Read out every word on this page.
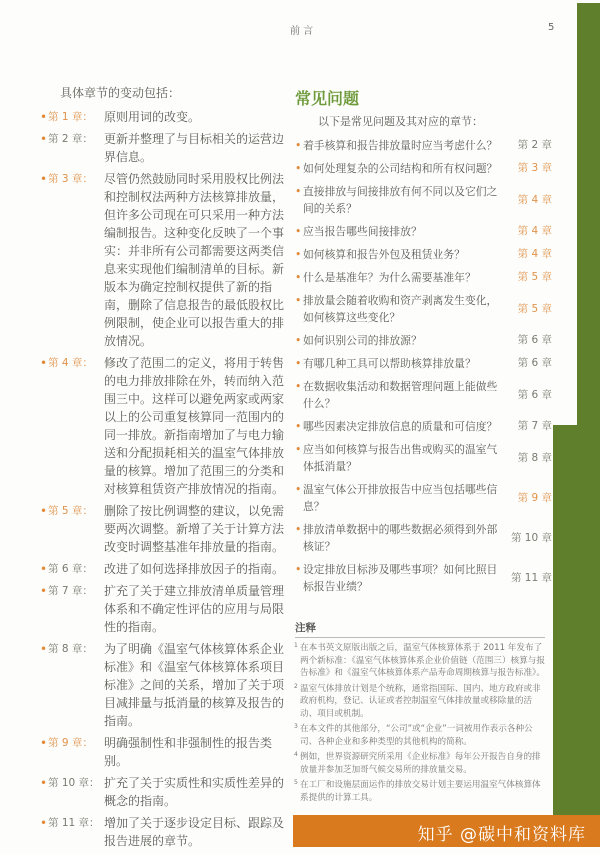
知乎 @碳中和资料库
前 言	5
具体章节的变动包括：
• 第 1 章： 原则用词的改变。
• 第 2 章： 更新并整理了与目标相关的运营边界信息。
• 第 3 章： 尽管仍然鼓励同时采用股权比例法和控制权法两种方法核算排放量，但许多公司现在可只采用一种方法编制报告。这种变化反映了一个事实：并非所有公司都需要这两类信息来实现他们编制清单的目标。新版本为确定控制权提供了新的指南，删除了信息报告的最低股权比例限制，使企业可以报告重大的排放情况。
• 第 4 章： 修改了范围二的定义，将用于转售的电力排放排除在外，转而纳入范围三中。这样可以避免两家或两家以上的公司重复核算同一范围内的同一排放。新指南增加了与电力输送和分配损耗相关的温室气体排放量的核算。增加了范围三的分类和对核算租赁资产排放情况的指南。
• 第 5 章： 删除了按比例调整的建议，以免需要两次调整。新增了关于计算方法改变时调整基准年排放量的指南。
• 第 6 章： 改进了如何选择排放因子的指南。
• 第 7 章： 扩充了关于建立排放清单质量管理体系和不确定性评估的应用与局限性的指南。
• 第 8 章： 为了明确《温室气体核算体系企业标准》和《温室气体核算体系项目标准》之间的关系，增加了关于项目减排量与抵消量的核算及报告的指南。
• 第 9 章： 明确强制性和非强制性的报告类别。
• 第 10 章： 扩充了关于实质性和实质性差异的概念的指南。
• 第 11 章： 增加了关于逐步设定目标、跟踪及报告进展的章节。
常见问题
以下是常见问题及其对应的章节：
• 着手核算和报告排放量时应当考虑什么？	第 2 章
• 如何处理复杂的公司结构和所有权问题？	第 3 章
• 直接排放与间接排放有何不同以及它们之间的关系？
第 4 章
• 应当报告哪些间接排放？	第 4 章
• 如何核算和报告外包及租赁业务？	第 4 章
• 什么是基准年？为什么需要基准年？	第 5 章
• 排放量会随着收购和资产剥离发生变化，如何核算这些变化？
第 5 章
• 如何识别公司的排放源？	第 6 章
• 有哪几种工具可以帮助核算排放量？	第 6 章
• 在数据收集活动和数据管理问题上能做些什么？
第 6 章
• 哪些因素决定排放信息的质量和可信度？	第 7 章
• 应当如何核算与报告出售或购买的温室气体抵消量？
第 8 章
• 温室气体公开排放报告中应当包括哪些信息？
第 9 章
• 排放清单数据中的哪些数据必须得到外部核证？
第 10 章
• 设定排放目标涉及哪些事项？如何比照目标报告业绩？
第 11 章
注释
1 在本书英文原版出版之后，温室气体核算体系于 2011 年发布了两个新标准：《温室气体核算体系企业价值链（范围三）核算与报告标准》和《温室气体核算体系产品寿命周期核算与报告标准》。
2 温室气体排放计划是个统称，通常指国际、国内、地方政府或非政府机构，登记、认证或者控制温室气体排放量或移除量的活动、项目或机制。
3 在本文件的其他部分，“公司”或“企业”一词被用作表示各种公司、各种企业和多种类型的其他机构的简称。
4 例如，世界资源研究所采用《企业标准》每年公开报告自身的排放量并参加芝加哥气候交易所的排放量交易。
5 在工厂和设施层面运作的排放交易计划主要运用温室气体核算体系提供的计算工具。
